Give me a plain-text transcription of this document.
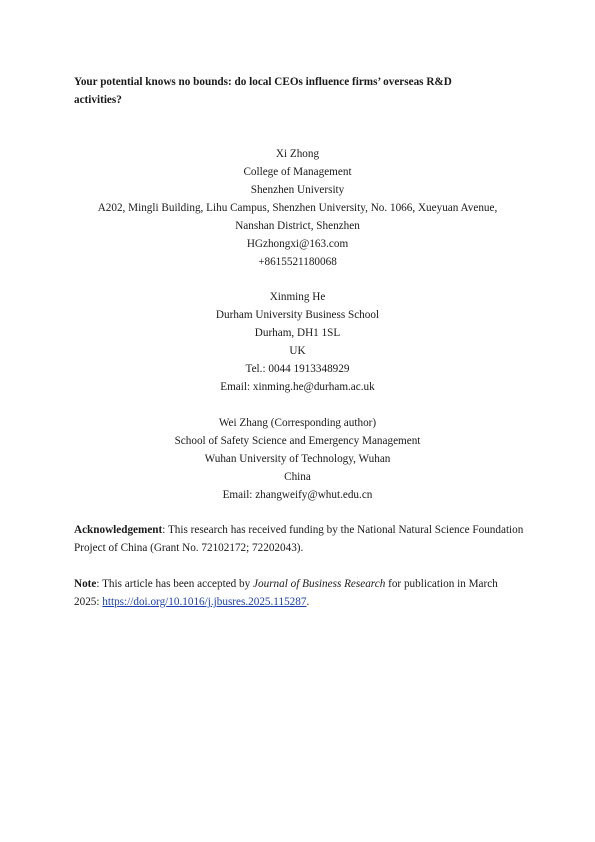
Your potential knows no bounds: do local CEOs influence firms’ overseas R&D
activities?
Xi Zhong
College of Management
Shenzhen University
A202, Mingli Building, Lihu Campus, Shenzhen University, No. 1066, Xueyuan Avenue,
Nanshan District, Shenzhen
HGzhongxi@163.com
+8615521180068
Xinming He
Durham University Business School
Durham, DH1 1SL
UK
Tel.: 0044 1913348929
Email: xinming.he@durham.ac.uk
Wei Zhang (Corresponding author)
School of Safety Science and Emergency Management
Wuhan University of Technology, Wuhan
China
Email: zhangweify@whut.edu.cn
Acknowledgement: This research has received funding by the National Natural Science Foundation Project of China (Grant No. 72102172; 72202043).
Note: This article has been accepted by Journal of Business Research for publication in March 2025: https://doi.org/10.1016/j.jbusres.2025.115287.
